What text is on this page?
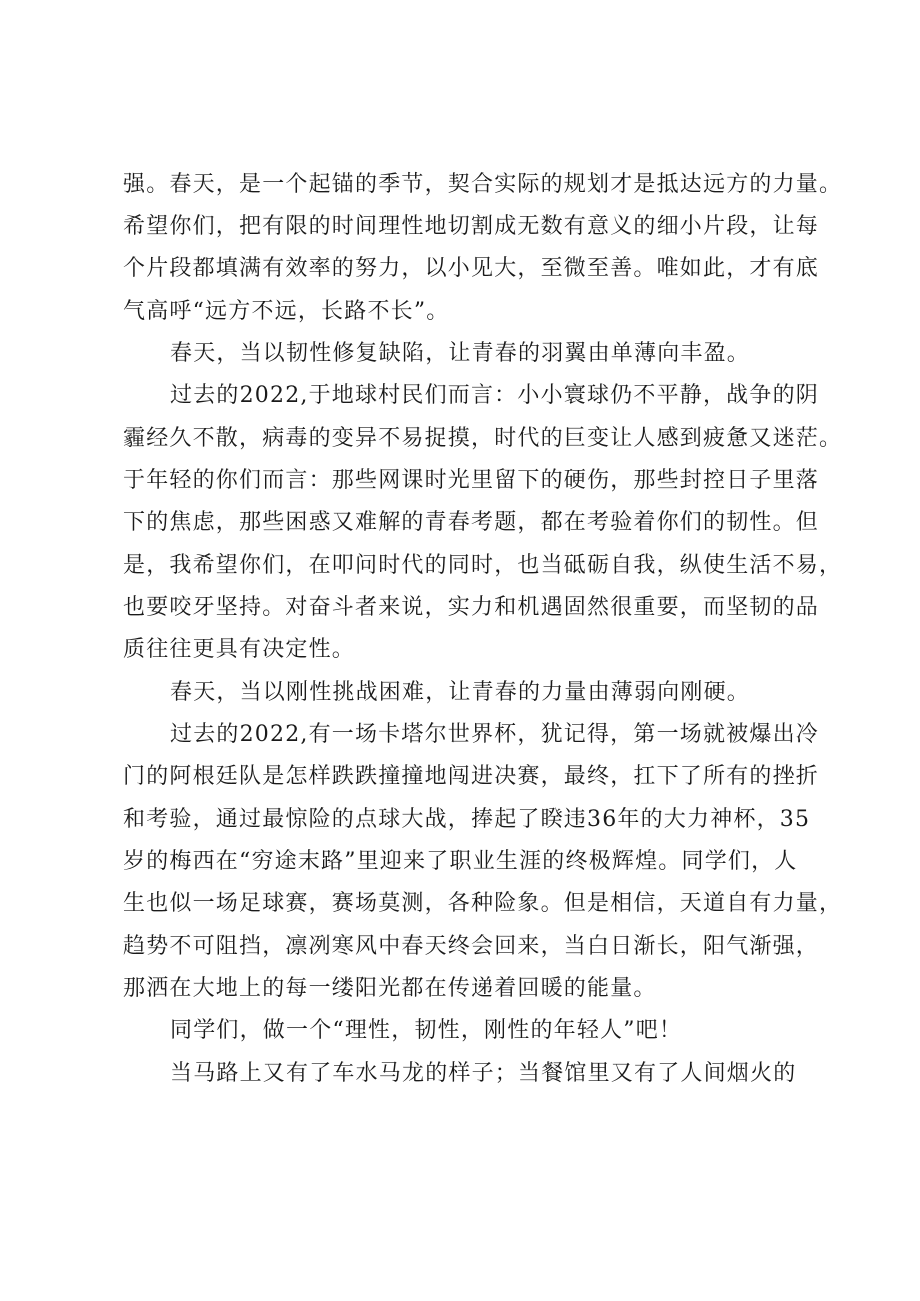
强。春天，是一个起锚的季节，契合实际的规划才是抵达远方的力量。
希望你们，把有限的时间理性地切割成无数有意义的细小片段，让每
个片段都填满有效率的努力，以小见大，至微至善。唯如此，才有底
气高呼“远方不远，长路不长”。
春天，当以韧性修复缺陷，让青春的羽翼由单薄向丰盈。
过去的2022,于地球村民们而言：小小寰球仍不平静，战争的阴
霾经久不散，病毒的变异不易捉摸，时代的巨变让人感到疲惫又迷茫。
于年轻的你们而言：那些网课时光里留下的硬伤，那些封控日子里落
下的焦虑，那些困惑又难解的青春考题，都在考验着你们的韧性。但
是，我希望你们，在叩问时代的同时，也当砥砺自我，纵使生活不易，
也要咬牙坚持。对奋斗者来说，实力和机遇固然很重要，而坚韧的品
质往往更具有决定性。
春天，当以刚性挑战困难，让青春的力量由薄弱向刚硬。
过去的2022,有一场卡塔尔世界杯，犹记得，第一场就被爆出冷
门的阿根廷队是怎样跌跌撞撞地闯进决赛，最终，扛下了所有的挫折
和考验，通过最惊险的点球大战，捧起了睽违36年的大力神杯，35
岁的梅西在“穷途末路”里迎来了职业生涯的终极辉煌。同学们，人
生也似一场足球赛，赛场莫测，各种险象。但是相信，天道自有力量，
趋势不可阻挡，凛冽寒风中春天终会回来，当白日渐长，阳气渐强，
那洒在大地上的每一缕阳光都在传递着回暖的能量。
同学们，做一个“理性，韧性，刚性的年轻人”吧！
当马路上又有了车水马龙的样子；当餐馆里又有了人间烟火的
